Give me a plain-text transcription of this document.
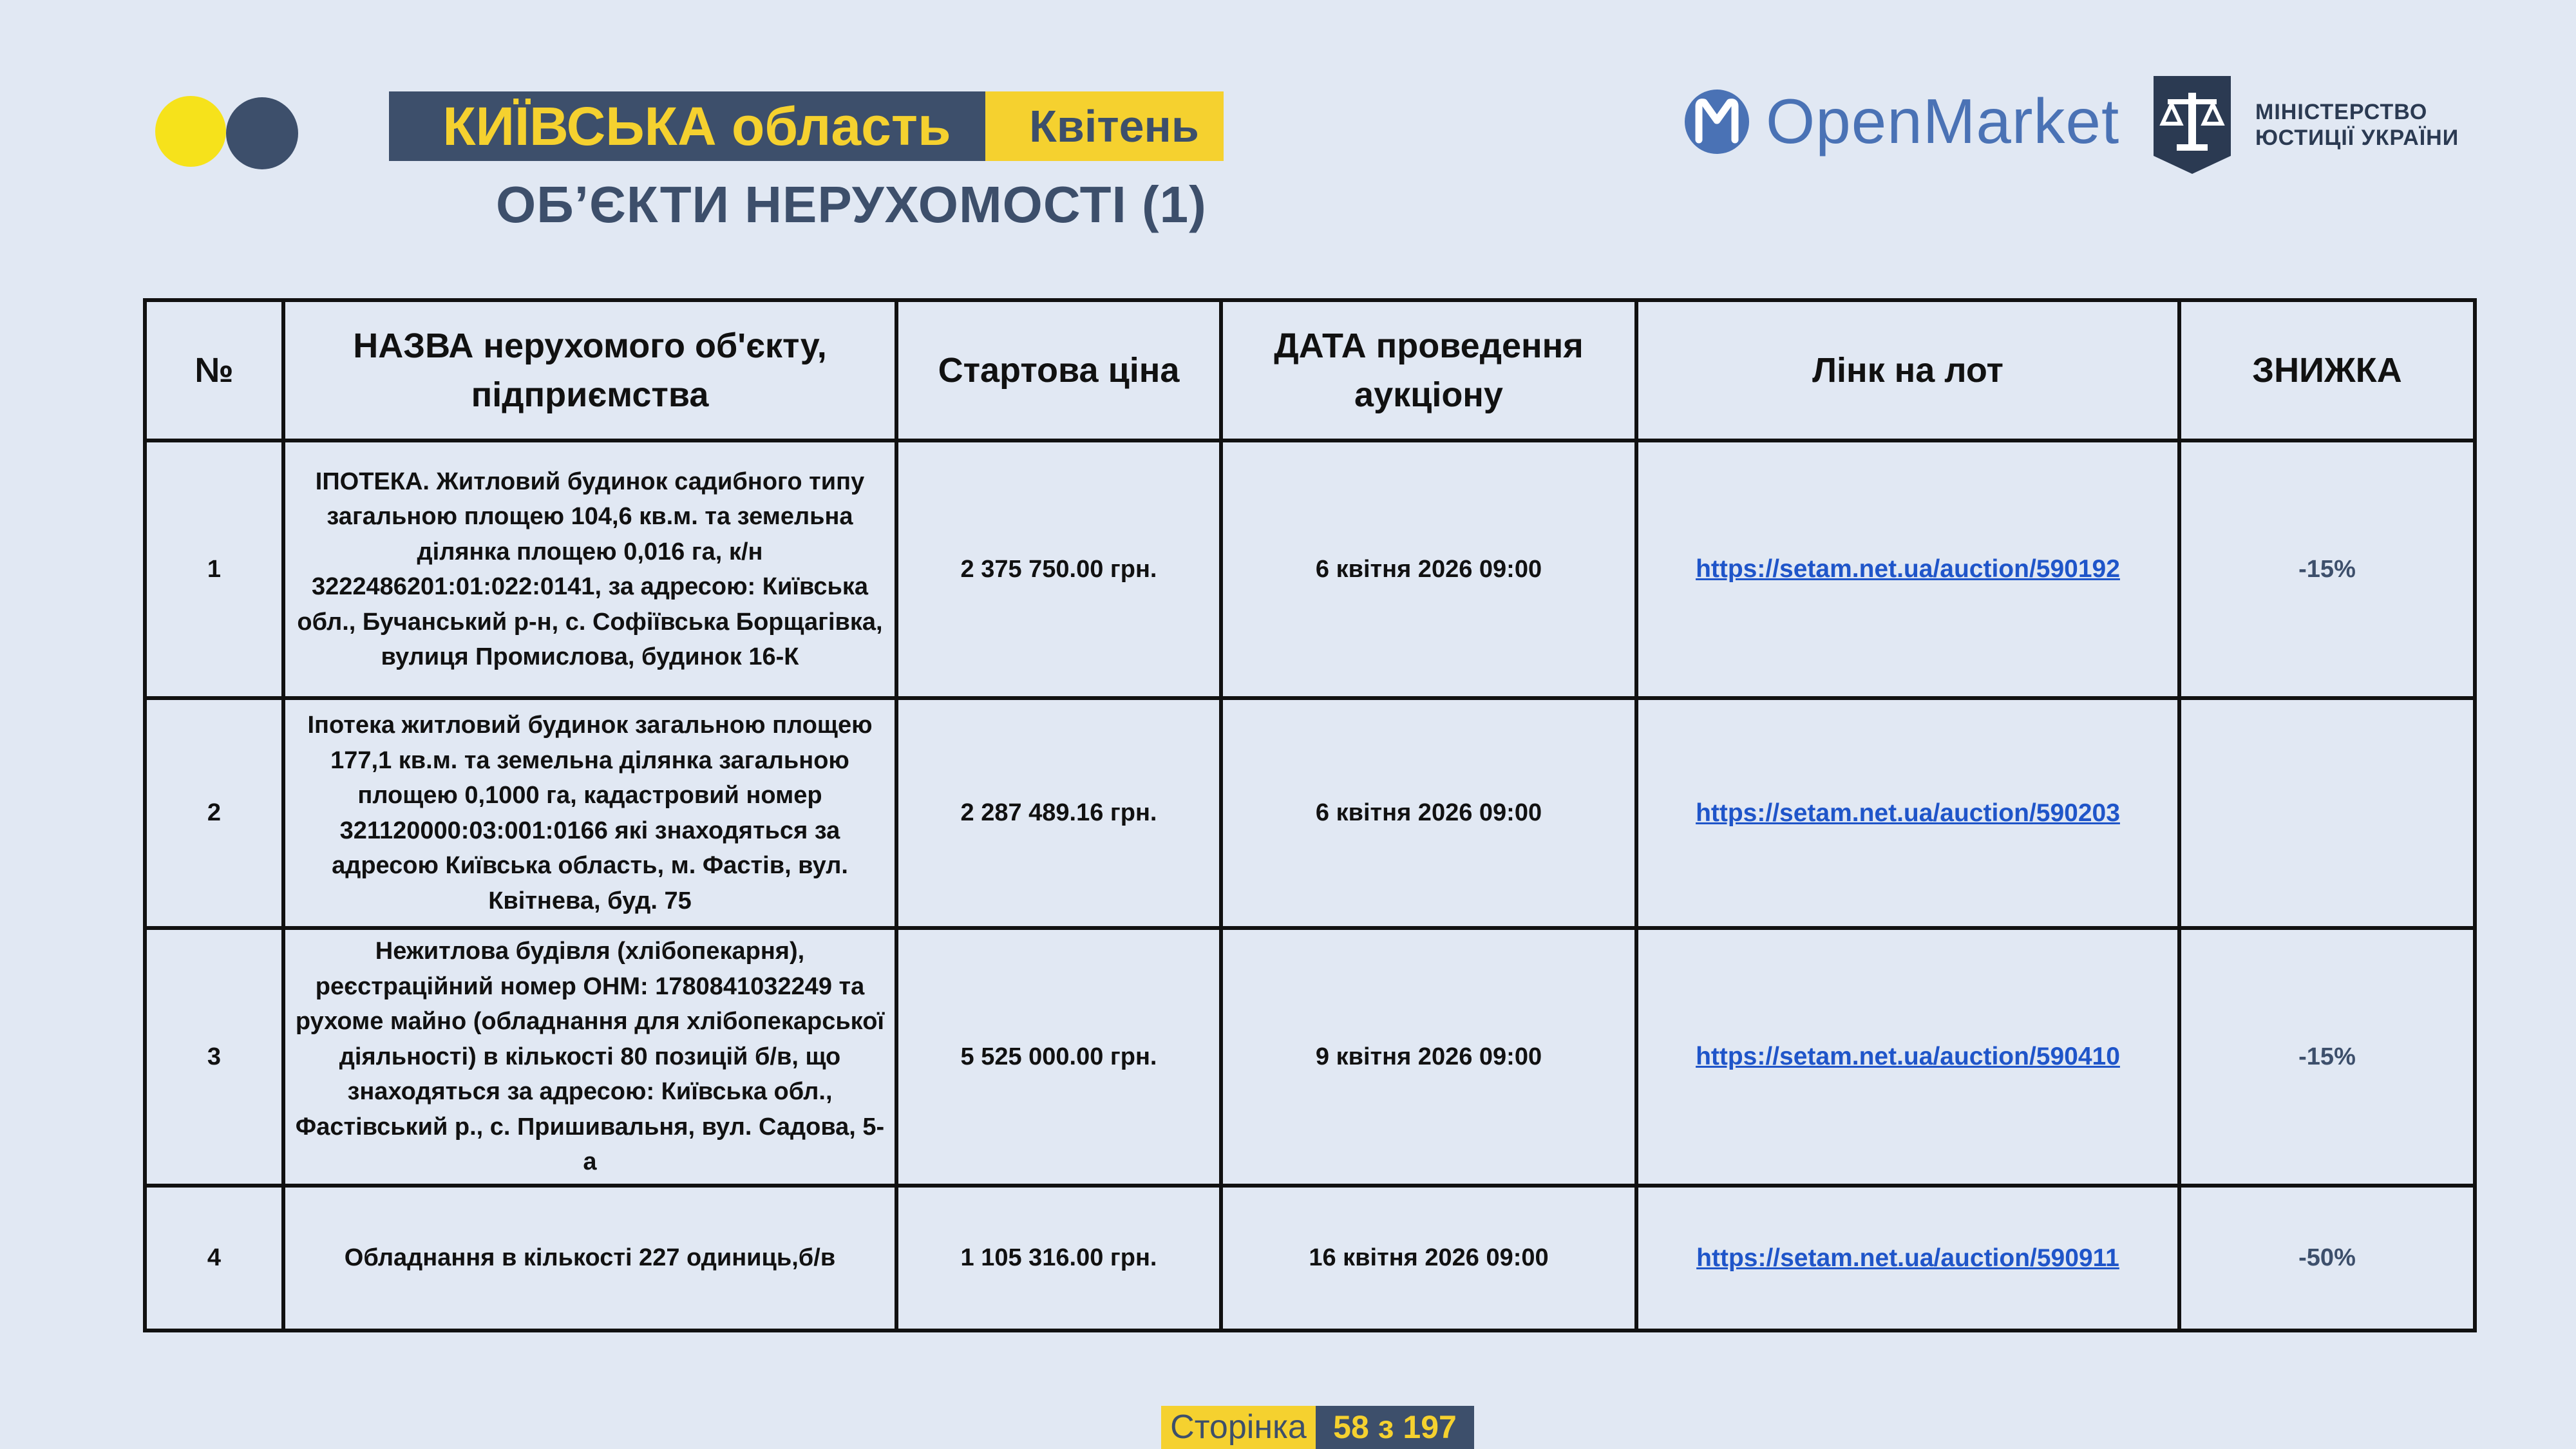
КИЇВСЬКА область	Квітень
ОБ’ЄКТИ НЕРУХОМОСТІ (1)
OpenMarket	МІНІСТЕРСТВО
ЮСТИЦІЇ УКРАЇНИ
№	НАЗВА нерухомого об'єкту, підприємства	Стартова ціна	ДАТА проведення аукціону	Лінк на лот	ЗНИЖКА
1	ІПОТЕКА. Житловий будинок садибного типу загальною площею 104,6 кв.м. та земельна ділянка площею 0,016 га, к/н 3222486201:01:022:0141, за адресою: Київська обл., Бучанський р-н, с. Софіївська Борщагівка, вулиця Промислова, будинок 16-К	2 375 750.00 грн.	6 квітня 2026 09:00	https://setam.net.ua/auction/590192	-15%
2	Іпотека житловий будинок загальною площею 177,1 кв.м. та земельна ділянка загальною площею 0,1000 га, кадастровий номер 321120000:03:001:0166 які знаходяться за адресою Київська область, м. Фастів, вул. Квітнева, буд. 75	2 287 489.16 грн.	6 квітня 2026 09:00	https://setam.net.ua/auction/590203	
3	Нежитлова будівля (хлібопекарня), реєстраційний номер ОНМ: 1780841032249 та рухоме майно (обладнання для хлібопекарської діяльності) в кількості 80 позицій б/в, що знаходяться за адресою: Київська обл., Фастівський р., с. Пришивальня, вул. Садова, 5-а	5 525 000.00 грн.	9 квітня 2026 09:00	https://setam.net.ua/auction/590410	-15%
4	Обладнання в кількості 227 одиниць,б/в	1 105 316.00 грн.	16 квітня 2026 09:00	https://setam.net.ua/auction/590911	-50%
Сторінка 58 з 197
